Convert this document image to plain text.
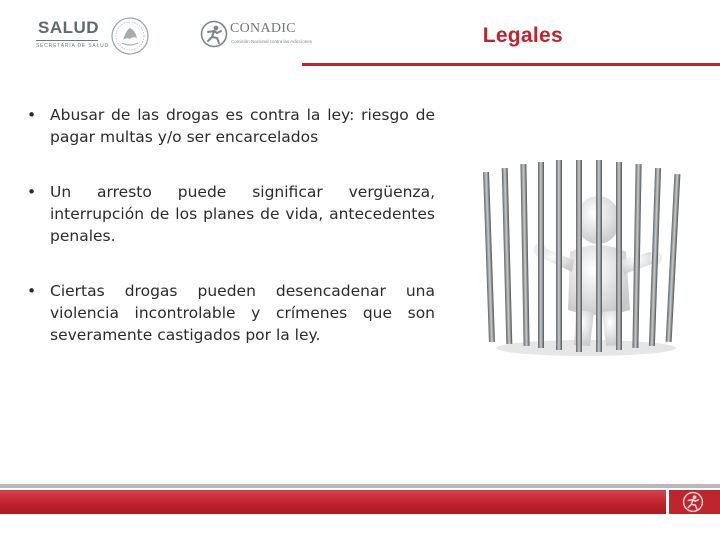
SALUD
SECRETARÍA DE SALUD
CONADIC
Comisión Nacional contra las Adicciones	Legales
• Abusar de las drogas es contra la ley: riesgo de pagar multas y/o ser encarcelados
• Un arresto puede significar vergüenza, interrupción de los planes de vida, antecedentes penales.
• Ciertas drogas pueden desencadenar una violencia incontrolable y crímenes que son severamente castigados por la ley.
